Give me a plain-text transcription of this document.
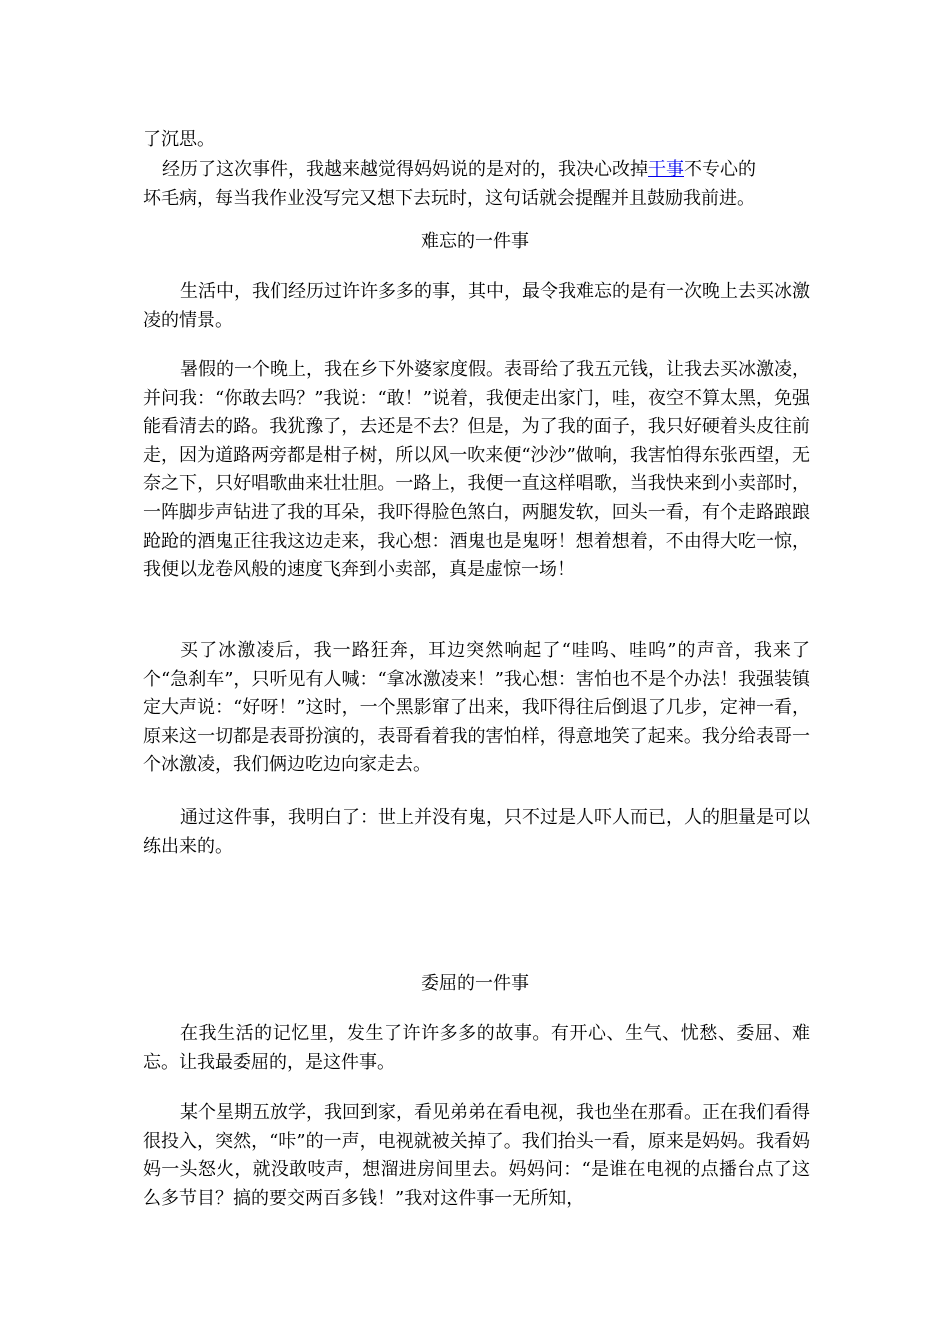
了沉思。
经历了这次事件，我越来越觉得妈妈说的是对的，我决心改掉干事不专心的
坏毛病，每当我作业没写完又想下去玩时，这句话就会提醒并且鼓励我前进。

难忘的一件事

生活中，我们经历过许许多多的事，其中，最令我难忘的是有一次晚上去买冰激凌的情景。

暑假的一个晚上，我在乡下外婆家度假。表哥给了我五元钱，让我去买冰激凌，并问我：“你敢去吗？”我说：“敢！”说着，我便走出家门，哇，夜空不算太黑，免强能看清去的路。我犹豫了，去还是不去？但是，为了我的面子，我只好硬着头皮往前走，因为道路两旁都是柑子树，所以风一吹来便“沙沙”做响，我害怕得东张西望，无奈之下，只好唱歌曲来壮壮胆。一路上，我便一直这样唱歌，当我快来到小卖部时，一阵脚步声钻进了我的耳朵，我吓得脸色煞白，两腿发软，回头一看，有个走路踉踉跄跄的酒鬼正往我这边走来，我心想：酒鬼也是鬼呀！想着想着，不由得大吃一惊，我便以龙卷风般的速度飞奔到小卖部，真是虚惊一场！

买了冰激凌后，我一路狂奔，耳边突然响起了“哇呜、哇呜”的声音，我来了个“急刹车”，只听见有人喊：“拿冰激凌来！”我心想：害怕也不是个办法！我强装镇定大声说：“好呀！”这时，一个黑影窜了出来，我吓得往后倒退了几步，定神一看，原来这一切都是表哥扮演的，表哥看着我的害怕样，得意地笑了起来。我分给表哥一个冰激凌，我们俩边吃边向家走去。

通过这件事，我明白了：世上并没有鬼，只不过是人吓人而已，人的胆量是可以练出来的。

委屈的一件事

在我生活的记忆里，发生了许许多多的故事。有开心、生气、忧愁、委屈、难忘。让我最委屈的，是这件事。

某个星期五放学，我回到家，看见弟弟在看电视，我也坐在那看。正在我们看得很投入，突然，“咔”的一声，电视就被关掉了。我们抬头一看，原来是妈妈。我看妈妈一头怒火，就没敢吱声，想溜进房间里去。妈妈问：“是谁在电视的点播台点了这么多节目？搞的要交两百多钱！”我对这件事一无所知，
